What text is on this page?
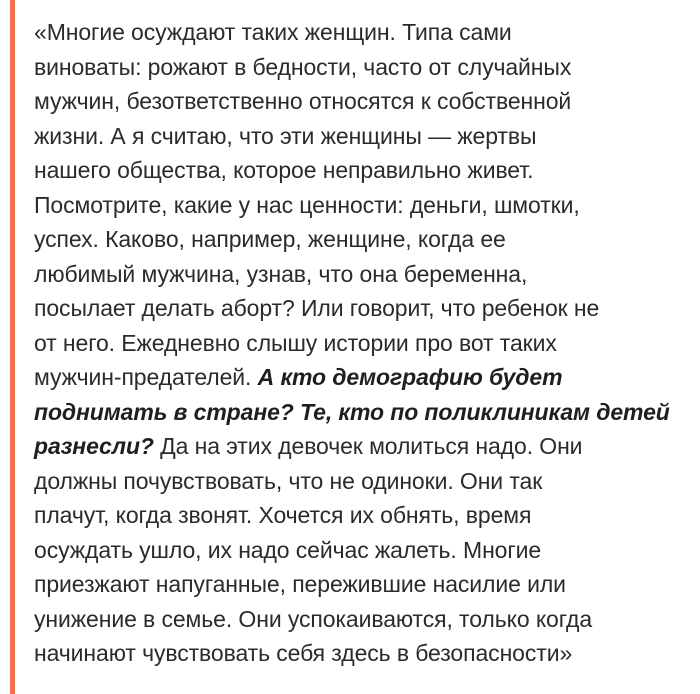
«Многие осуждают таких женщин. Типа сами
виноваты: рожают в бедности, часто от случайных
мужчин, безответственно относятся к собственной
жизни. А я считаю, что эти женщины — жертвы
нашего общества, которое неправильно живет.
Посмотрите, какие у нас ценности: деньги, шмотки,
успех. Каково, например, женщине, когда ее
любимый мужчина, узнав, что она беременна,
посылает делать аборт? Или говорит, что ребенок не
от него. Ежедневно слышу истории про вот таких
мужчин-предателей. А кто демографию будет
поднимать в стране? Те, кто по поликлиникам детей
разнесли? Да на этих девочек молиться надо. Они
должны почувствовать, что не одиноки. Они так
плачут, когда звонят. Хочется их обнять, время
осуждать ушло, их надо сейчас жалеть. Многие
приезжают напуганные, пережившие насилие или
унижение в семье. Они успокаиваются, только когда
начинают чувствовать себя здесь в безопасности»
